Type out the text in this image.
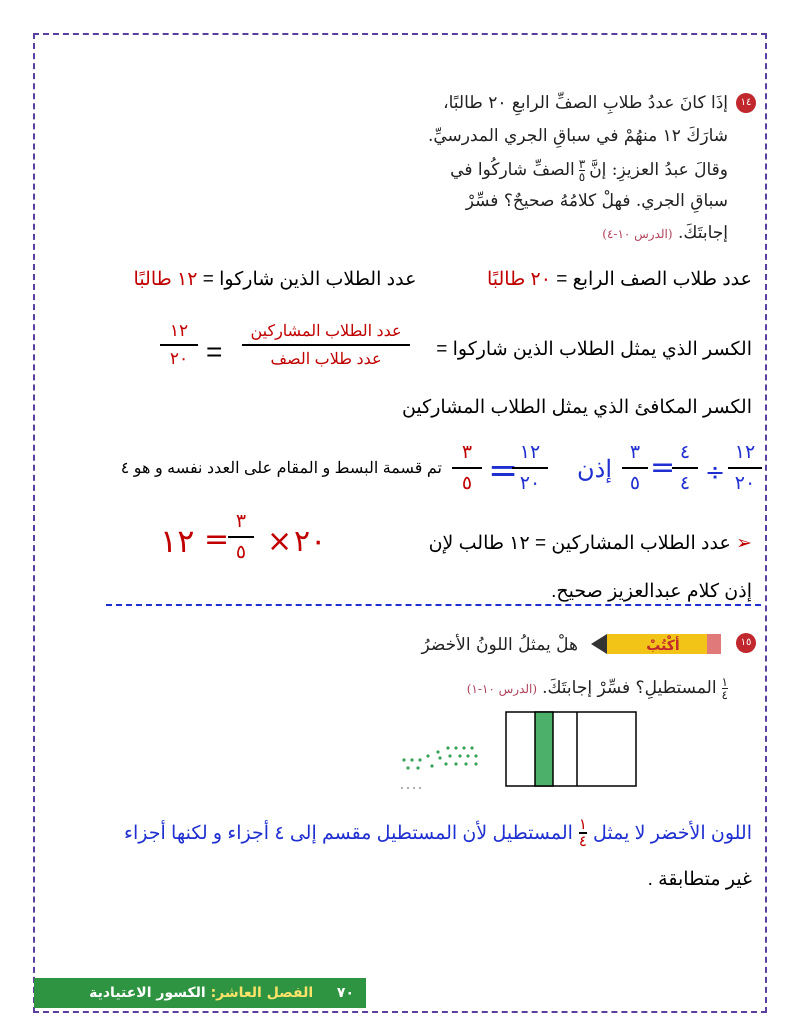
١٤
إذَا كانَ عددُ طلابِ الصفِّ الرابعِ ٢٠ طالبًا،
شارَكَ ١٢ منهُمْ في سباقِ الجري المدرسيِّ.
وقالَ عبدُ العزيزِ: إنَّ
٣
٥
الصفِّ شاركُوا في
سباقِ الجري. فهلْ كلامُهُ صحيحٌ؟ فسِّرْ
إجابتَكَ. (الدرس ١٠-٤)
عدد طلاب الصف الرابع = ٢٠ طالبًا  عدد الطلاب الذين شاركوا = ١٢ طالبًا
الكسر الذي يمثل الطلاب الذين شاركوا =
عدد الطلاب المشاركين
عدد طلاب الصف
=
١٢
٢٠
الكسر المكافئ الذي يمثل الطلاب المشاركين
٣
٥ = ١٢
٢٠
إذن
٣
٥ = ٤
٤ ÷
١٢
٢٠
تم قسمة البسط و المقام على العدد نفسه و هو ٤
➢ عدد الطلاب المشاركين = ١٢ طالب لإن
٢٠
×
٣
٥
=
١٢
إذن كلام عبدالعزيز صحيح.
١٥
أكْتُبْ
هلْ يمثلُ اللونُ الأخضرُ
١
٤
المستطيلِ؟ فسِّرْ إجابتَكَ.
(الدرس ١٠-١)
اللون الأخضر لا يمثل
١
٤
المستطيل لأن المستطيل مقسم إلى ٤ أجزاء و لكنها أجزاء
غير متطابقة .
٧٠  الفصل العاشر: الكسور الاعتيادية
